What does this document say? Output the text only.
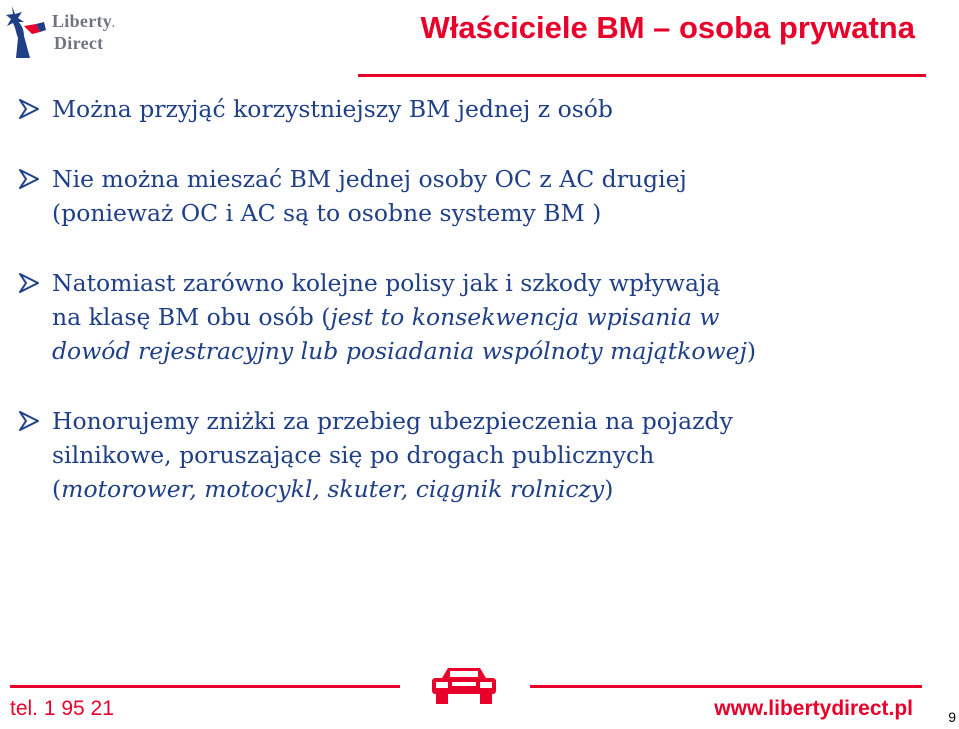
Liberty.
Direct	Właściciele BM – osoba prywatna
Można przyjąć korzystniejszy BM jednej z osób
Nie można mieszać BM jednej osoby OC z AC drugiej
(ponieważ OC i AC są to osobne systemy BM )
Natomiast zarówno kolejne polisy jak i szkody wpływają
na klasę BM obu osób (jest to konsekwencja wpisania w
dowód rejestracyjny lub posiadania wspólnoty majątkowej)
Honorujemy zniżki za przebieg ubezpieczenia na pojazdy
silnikowe, poruszające się po drogach publicznych
(motorower, motocykl, skuter, ciągnik rolniczy)
tel. 1 95 21	www.libertydirect.pl	9
